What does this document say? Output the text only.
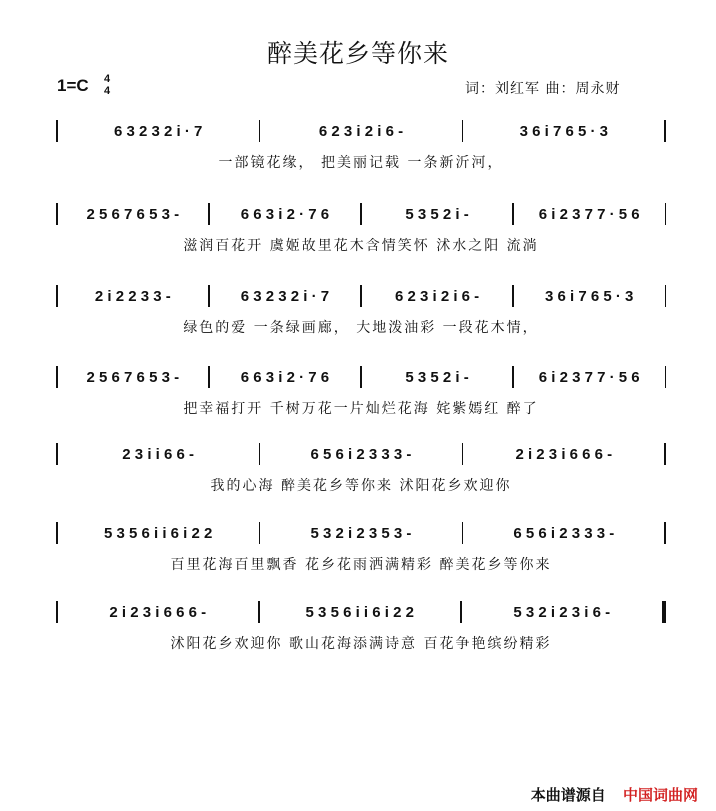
醉美花乡等你来
1=C 4
4	词：刘红军 曲：周永财
6 3 2 3 2 i · 7	6 2 3 i 2 i 6 -	3 6 i 7 6 5 · 3
一部镜花缘， 把美丽记载 一条新沂河，
2 5 6 7 6 5 3 -	6 6 3 i 2 · 7 6	5 3 5 2 i -	6 i 2 3 7 7 · 5 6
滋润百花开 虞姬故里花木含情笑怀 沭水之阳 流淌
2 i 2 2 3 3 -	6 3 2 3 2 i · 7	6 2 3 i 2 i 6 -	3 6 i 7 6 5 · 3
绿色的爱 一条绿画廊， 大地泼油彩 一段花木情，
2 5 6 7 6 5 3 -	6 6 3 i 2 · 7 6	5 3 5 2 i -	6 i 2 3 7 7 · 5 6
把幸福打开 千树万花一片灿烂花海 姹紫嫣红 醉了
2 3 i i 6 6 -	6 5 6 i 2 3 3 3 -	2 i 2 3 i 6 6 6 -
我的心海 醉美花乡等你来 沭阳花乡欢迎你
5 3 5 6 i i 6 i 2 2	5 3 2 i 2 3 5 3 -	6 5 6 i 2 3 3 3 -
百里花海百里飘香 花乡花雨洒满精彩 醉美花乡等你来
2 i 2 3 i 6 6 6 -	5 3 5 6 i i 6 i 2 2	5 3 2 i 2 3 i 6 -
沭阳花乡欢迎你 歌山花海添满诗意 百花争艳缤纷精彩
本曲谱源自 中国词曲网
